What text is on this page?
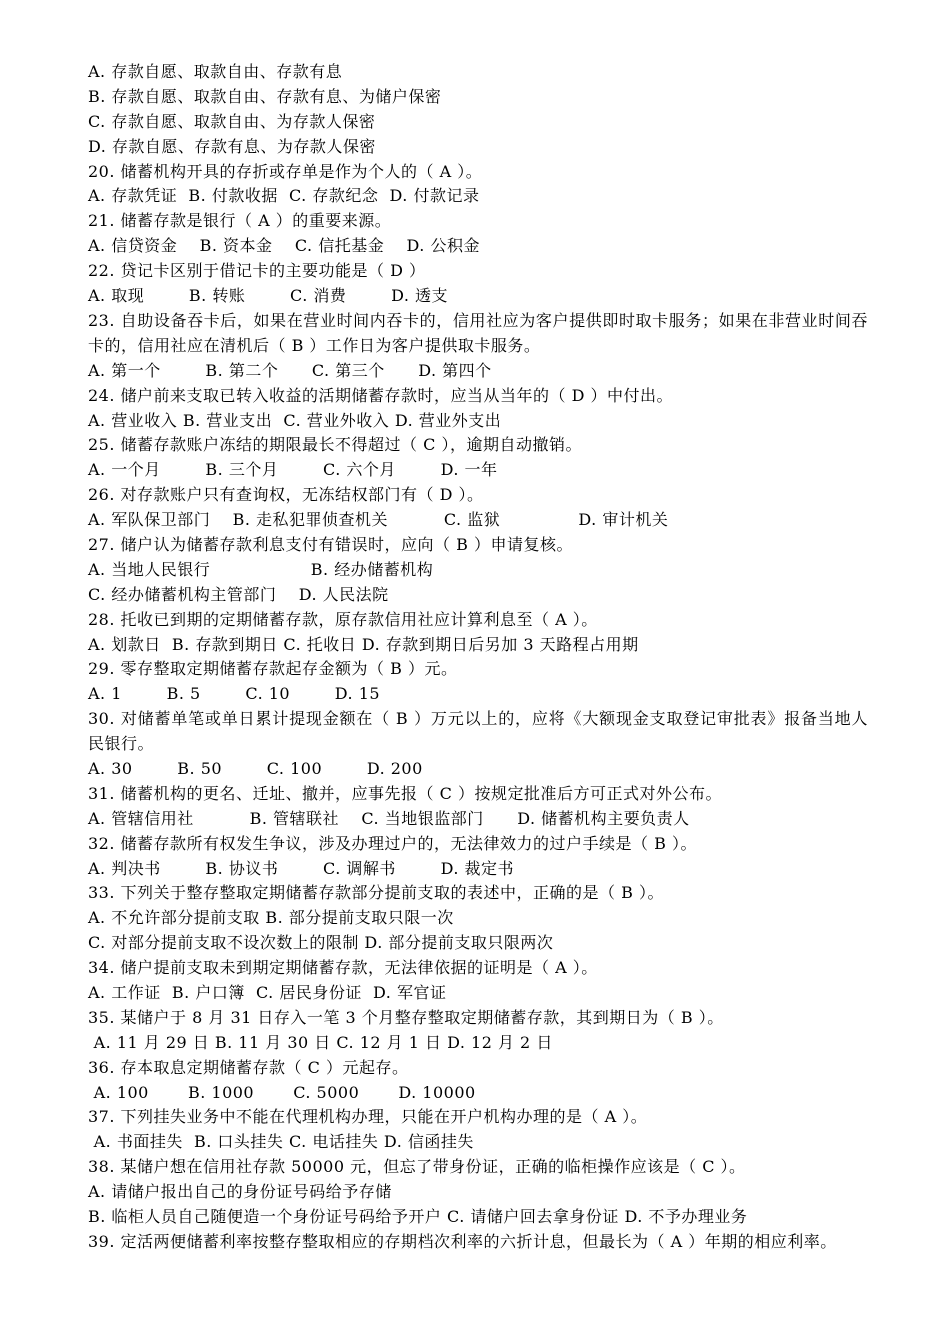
A. 存款自愿、取款自由、存款有息
B. 存款自愿、取款自由、存款有息、为储户保密
C. 存款自愿、取款自由、为存款人保密
D. 存款自愿、存款有息、为存款人保密
20. 储蓄机构开具的存折或存单是作为个人的（ A ）。
A. 存款凭证  B. 付款收据  C. 存款纪念  D. 付款记录
21. 储蓄存款是银行（ A ）的重要来源。
A. 信贷资金    B. 资本金    C. 信托基金    D. 公积金
22. 贷记卡区别于借记卡的主要功能是（ D ）
A. 取现        B. 转账        C. 消费        D. 透支
23. 自助设备吞卡后，如果在营业时间内吞卡的，信用社应为客户提供即时取卡服务；如果在非营业时间吞卡的，信用社应在清机后（ B ）工作日为客户提供取卡服务。
A. 第一个        B. 第二个      C. 第三个      D. 第四个
24. 储户前来支取已转入收益的活期储蓄存款时，应当从当年的（ D ）中付出。
A. 营业收入 B. 营业支出  C. 营业外收入 D. 营业外支出
25. 储蓄存款账户冻结的期限最长不得超过（ C ），逾期自动撤销。
A. 一个月        B. 三个月        C. 六个月        D. 一年
26. 对存款账户只有查询权，无冻结权部门有（ D ）。
A. 军队保卫部门    B. 走私犯罪侦查机关          C. 监狱              D. 审计机关
27. 储户认为储蓄存款利息支付有错误时，应向（ B ）申请复核。
A. 当地人民银行                  B. 经办储蓄机构
C. 经办储蓄机构主管部门    D. 人民法院
28. 托收已到期的定期储蓄存款，原存款信用社应计算利息至（ A ）。
A. 划款日  B. 存款到期日 C. 托收日 D. 存款到期日后另加 3 天路程占用期
29. 零存整取定期储蓄存款起存金额为（ B ）元。
A. 1        B. 5        C. 10        D. 15
30. 对储蓄单笔或单日累计提现金额在（ B ）万元以上的，应将《大额现金支取登记审批表》报备当地人民银行。
A. 30        B. 50        C. 100        D. 200
31. 储蓄机构的更名、迁址、撤并，应事先报（ C ）按规定批准后方可正式对外公布。
A. 管辖信用社          B. 管辖联社    C. 当地银监部门      D. 储蓄机构主要负责人
32. 储蓄存款所有权发生争议，涉及办理过户的，无法律效力的过户手续是（ B ）。
A. 判决书        B. 协议书        C. 调解书        D. 裁定书
33. 下列关于整存整取定期储蓄存款部分提前支取的表述中，正确的是（ B ）。
A. 不允许部分提前支取 B. 部分提前支取只限一次
C. 对部分提前支取不设次数上的限制 D. 部分提前支取只限两次
34. 储户提前支取未到期定期储蓄存款，无法律依据的证明是（ A ）。
A. 工作证  B. 户口簿  C. 居民身份证  D. 军官证
35. 某储户于 8 月 31 日存入一笔 3 个月整存整取定期储蓄存款，其到期日为（ B ）。
A. 11 月 29 日 B. 11 月 30 日 C. 12 月 1 日 D. 12 月 2 日
36. 存本取息定期储蓄存款（ C ）元起存。
A. 100       B. 1000       C. 5000       D. 10000
37. 下列挂失业务中不能在代理机构办理，只能在开户机构办理的是（ A ）。
A. 书面挂失  B. 口头挂失 C. 电话挂失 D. 信函挂失
38. 某储户想在信用社存款 50000 元，但忘了带身份证，正确的临柜操作应该是（ C ）。
A. 请储户报出自己的身份证号码给予存储
B. 临柜人员自己随便造一个身份证号码给予开户 C. 请储户回去拿身份证 D. 不予办理业务
39. 定活两便储蓄利率按整存整取相应的存期档次利率的六折计息，但最长为（ A ）年期的相应利率。
